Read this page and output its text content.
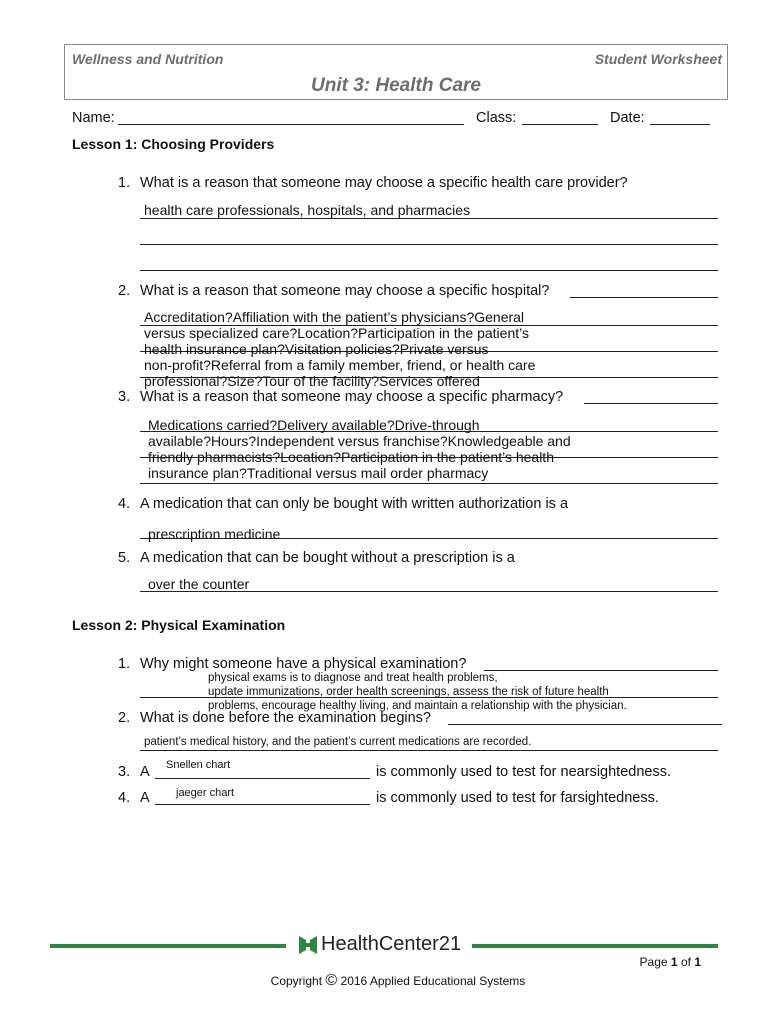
Wellness and Nutrition	Student Worksheet
Unit 3: Health Care
Name:	Class:	Date:
Lesson 1: Choosing Providers
1. What is a reason that someone may choose a specific health care provider?
health care professionals, hospitals, and pharmacies
2. What is a reason that someone may choose a specific hospital?
Accreditation?Affiliation with the patient’s physicians?General
versus specialized care?Location?Participation in the patient’s
health insurance plan?Visitation policies?Private versus
non-profit?Referral from a family member, friend, or health care
professional?Size?Tour of the facility?Services offered
3. What is a reason that someone may choose a specific pharmacy?
Medications carried?Delivery available?Drive-through
available?Hours?Independent versus franchise?Knowledgeable and
friendly pharmacists?Location?Participation in the patient’s health
insurance plan?Traditional versus mail order pharmacy
4. A medication that can only be bought with written authorization is a
prescription medicine
5. A medication that can be bought without a prescription is a
over the counter
Lesson 2: Physical Examination
1. Why might someone have a physical examination?
physical exams is to diagnose and treat health problems,
update immunizations, order health screenings, assess the risk of future health
problems, encourage healthy living, and maintain a relationship with the physician.
2. What is done before the examination begins?
patient’s medical history, and the patient’s current medications are recorded.
3. A Snellen chart	is commonly used to test for nearsightedness.
4. A jaeger chart	is commonly used to test for farsightedness.
HealthCenter21
Page 1 of 1
Copyright © 2016 Applied Educational Systems
